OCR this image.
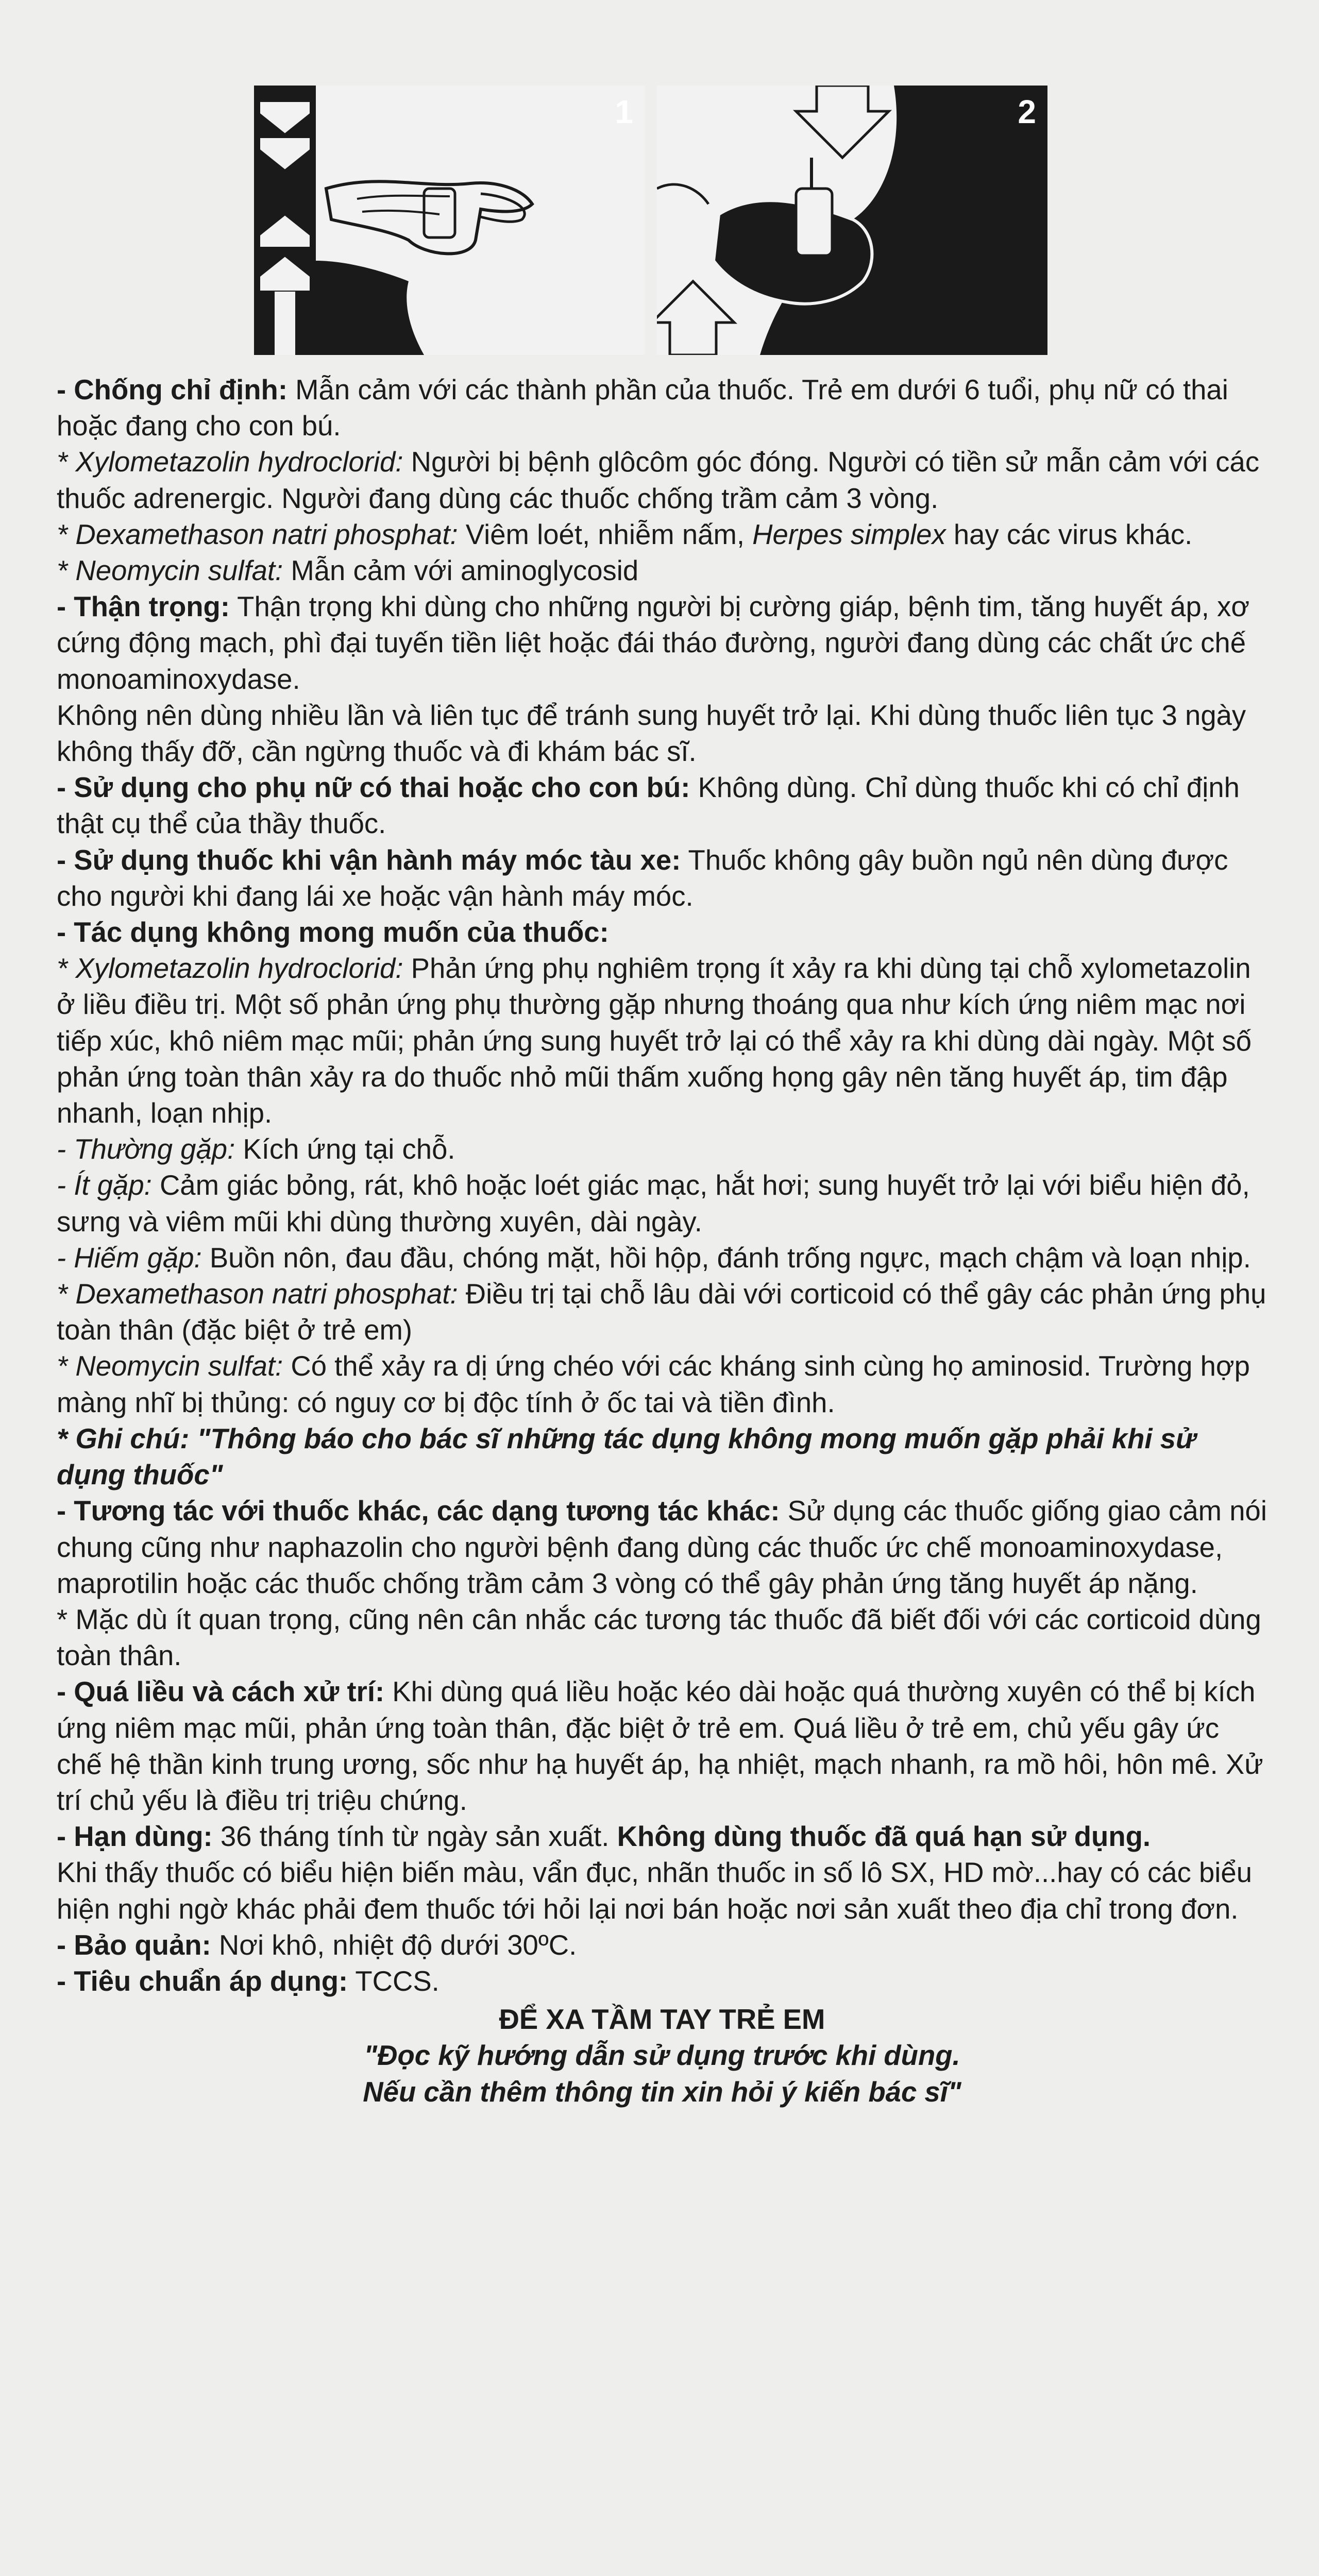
1	2

- Chống chỉ định: Mẫn cảm với các thành phần của thuốc. Trẻ em dưới 6 tuổi, phụ nữ có thai hoặc đang cho con bú.

* Xylometazolin hydroclorid: Người bị bệnh glôcôm góc đóng. Người có tiền sử mẫn cảm với các thuốc adrenergic. Người đang dùng các thuốc chống trầm cảm 3 vòng.

* Dexamethason natri phosphat: Viêm loét, nhiễm nấm, Herpes simplex hay các virus khác.

* Neomycin sulfat: Mẫn cảm với aminoglycosid

- Thận trọng: Thận trọng khi dùng cho những người bị cường giáp, bệnh tim, tăng huyết áp, xơ cứng động mạch, phì đại tuyến tiền liệt hoặc đái tháo đường, người đang dùng các chất ức chế monoaminoxydase.

Không nên dùng nhiều lần và liên tục để tránh sung huyết trở lại. Khi dùng thuốc liên tục 3 ngày không thấy đỡ, cần ngừng thuốc và đi khám bác sĩ.

- Sử dụng cho phụ nữ có thai hoặc cho con bú: Không dùng. Chỉ dùng thuốc khi có chỉ định thật cụ thể của thầy thuốc.

- Sử dụng thuốc khi vận hành máy móc tàu xe: Thuốc không gây buồn ngủ nên dùng được cho người khi đang lái xe hoặc vận hành máy móc.

- Tác dụng không mong muốn của thuốc:

* Xylometazolin hydroclorid: Phản ứng phụ nghiêm trọng ít xảy ra khi dùng tại chỗ xylometazolin ở liều điều trị. Một số phản ứng phụ thường gặp nhưng thoáng qua như kích ứng niêm mạc nơi tiếp xúc, khô niêm mạc mũi; phản ứng sung huyết trở lại có thể xảy ra khi dùng dài ngày. Một số phản ứng toàn thân xảy ra do thuốc nhỏ mũi thấm xuống họng gây nên tăng huyết áp, tim đập nhanh, loạn nhịp.

- Thường gặp: Kích ứng tại chỗ.

- Ít gặp: Cảm giác bỏng, rát, khô hoặc loét giác mạc, hắt hơi; sung huyết trở lại với biểu hiện đỏ, sưng và viêm mũi khi dùng thường xuyên, dài ngày.

- Hiếm gặp: Buồn nôn, đau đầu, chóng mặt, hồi hộp, đánh trống ngực, mạch chậm và loạn nhịp.

* Dexamethason natri phosphat: Điều trị tại chỗ lâu dài với corticoid có thể gây các phản ứng phụ toàn thân (đặc biệt ở trẻ em)

* Neomycin sulfat: Có thể xảy ra dị ứng chéo với các kháng sinh cùng họ aminosid. Trường hợp màng nhĩ bị thủng: có nguy cơ bị độc tính ở ốc tai và tiền đình.

* Ghi chú: "Thông báo cho bác sĩ những tác dụng không mong muốn gặp phải khi sử dụng thuốc"

- Tương tác với thuốc khác, các dạng tương tác khác: Sử dụng các thuốc giống giao cảm nói chung cũng như naphazolin cho người bệnh đang dùng các thuốc ức chế monoaminoxydase, maprotilin hoặc các thuốc chống trầm cảm 3 vòng có thể gây phản ứng tăng huyết áp nặng.

* Mặc dù ít quan trọng, cũng nên cân nhắc các tương tác thuốc đã biết đối với các corticoid dùng toàn thân.

- Quá liều và cách xử trí: Khi dùng quá liều hoặc kéo dài hoặc quá thường xuyên có thể bị kích ứng niêm mạc mũi, phản ứng toàn thân, đặc biệt ở trẻ em. Quá liều ở trẻ em, chủ yếu gây ức chế hệ thần kinh trung ương, sốc như hạ huyết áp, hạ nhiệt, mạch nhanh, ra mồ hôi, hôn mê. Xử trí chủ yếu là điều trị triệu chứng.

- Hạn dùng: 36 tháng tính từ ngày sản xuất. Không dùng thuốc đã quá hạn sử dụng.

Khi thấy thuốc có biểu hiện biến màu, vẩn đục, nhãn thuốc in số lô SX, HD mờ...hay có các biểu hiện nghi ngờ khác phải đem thuốc tới hỏi lại nơi bán hoặc nơi sản xuất theo địa chỉ trong đơn.

- Bảo quản: Nơi khô, nhiệt độ dưới 30ºC.

- Tiêu chuẩn áp dụng: TCCS.

ĐỂ XA TẦM TAY TRẺ EM

"Đọc kỹ hướng dẫn sử dụng trước khi dùng.

Nếu cần thêm thông tin xin hỏi ý kiến bác sĩ"
